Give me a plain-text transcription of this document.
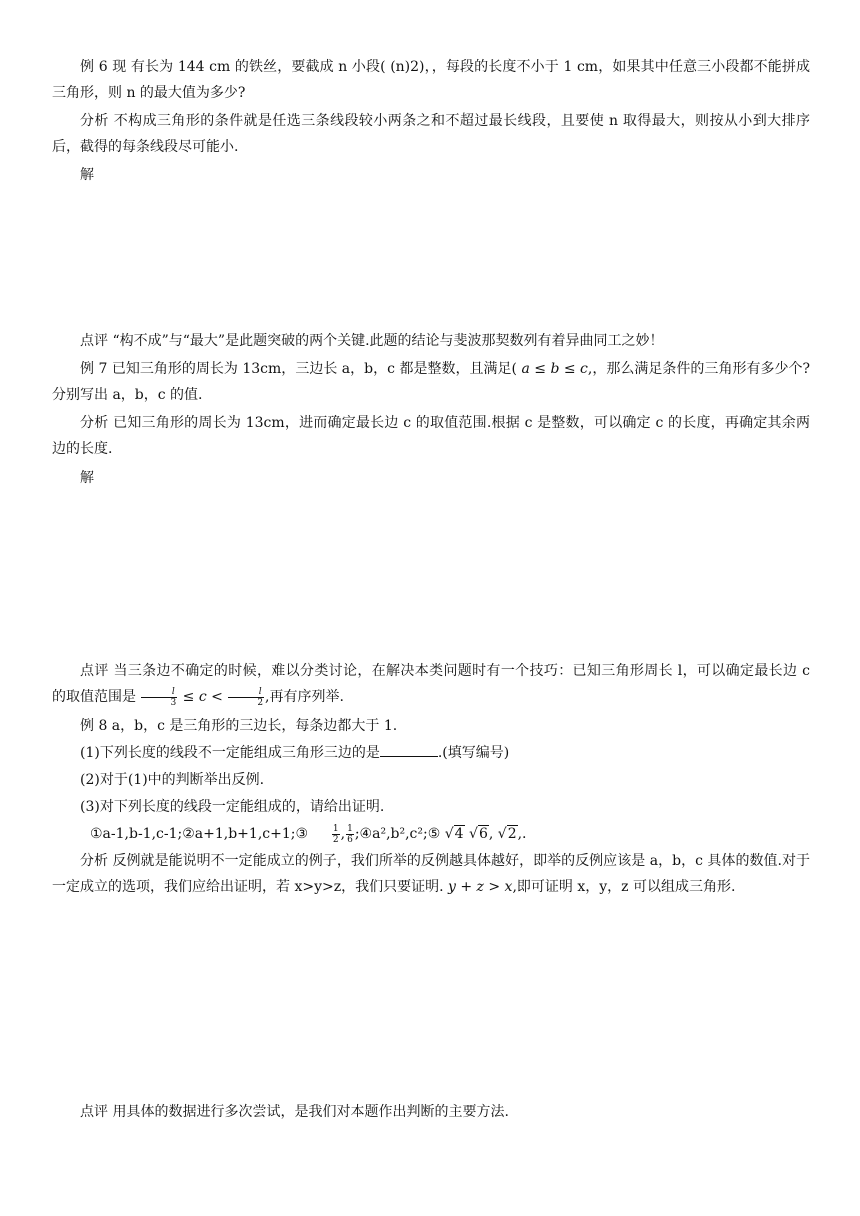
例 6 现 有长为 144 cm 的铁丝，要截成 n 小段( (n)2)，，每段的长度不小于 1 cm，如果其中任意三小段都不能拼成三角形，则 n 的最大值为多少?
分析 不构成三角形的条件就是任选三条线段较小两条之和不超过最长线段，且要使 n 取得最大，则按从小到大排序后，截得的每条线段尽可能小.
解
点评 “构不成”与“最大”是此题突破的两个关键.此题的结论与斐波那契数列有着异曲同工之妙！
例 7 已知三角形的周长为 13cm，三边长 a，b，c 都是整数，且满足( a ≤ b ≤ c,，那么满足条件的三角形有多少个?分别写出 a，b，c 的值.
分析 已知三角形的周长为 13cm，进而确定最长边 c 的取值范围.根据 c 是整数，可以确定 c 的长度，再确定其余两边的长度.
解
点评 当三条边不确定的时候，难以分类讨论，在解决本类问题时有一个技巧：已知三角形周长 l，可以确定最长边 c 的取值范围是 $\frac{l}{3} \le c < \frac{l}{2}$ ,再有序列举.
例 8 a，b，c 是三角形的三边长，每条边都大于 1.
(1)下列长度的线段不一定能组成三角形三边的是	.(填写编号)
(2)对于(1)中的判断举出反例.
(3)对下列长度的线段一定能组成的，请给出证明.
①a-1,b-1,c-1;②a+1,b+1,c+1;③	$\frac{1}{2}$ , $\frac{1}{6}$ ;④a²,b²,c²;⑤ √4 √6, √2,.
分析 反例就是能说明不一定能成立的例子，我们所举的反例越具体越好，即举的反例应该是 a，b，c 具体的数值.对于一定成立的选项，我们应给出证明，若 x>y>z，我们只要证明. y + z > x,即可证明 x，y，z 可以组成三角形.
点评 用具体的数据进行多次尝试，是我们对本题作出判断的主要方法.
